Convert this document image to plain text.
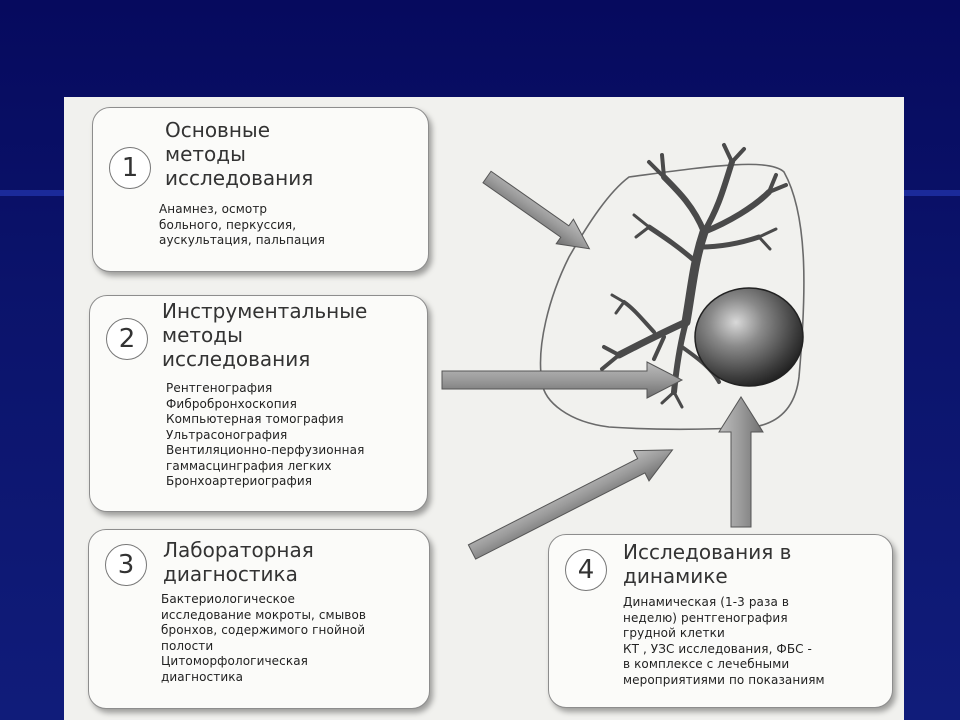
1
Основные
методы
исследования
Анамнез, осмотр
больного, перкуссия,
аускультация, пальпация
2
Инструментальные
методы
исследования
Рентгенография
Фибробронхоскопия
Компьютерная томография
Ультрасонография
Вентиляционно-перфузионная
гаммасцинграфия легких
Бронхоартериография
3	Лабораторная
диагностика
Бактериологическое
исследование мокроты, смывов
бронхов, содержимого гнойной
полости
Цитоморфологическая
диагностика
4
Исследования в
динамике
Динамическая (1-3 раза в
неделю) рентгенография
грудной клетки
КТ , УЗС исследования, ФБС -
в комплексе с лечебными
мероприятиями по показаниям
